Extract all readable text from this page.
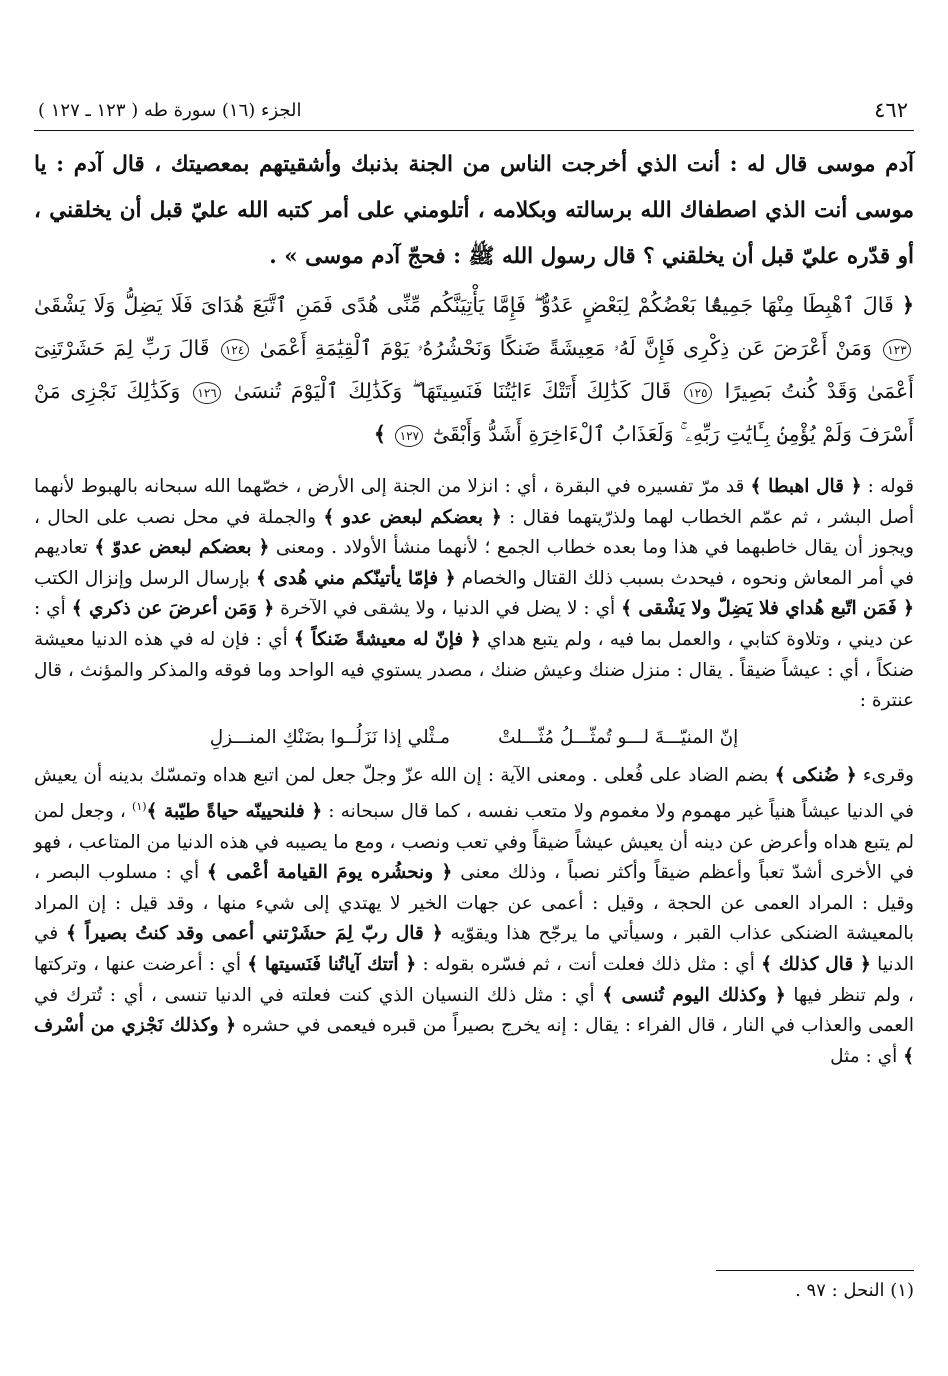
٤٦٢
الجزء (١٦) سورة طه ( ١٢٣ ـ ١٢٧ )
آدم موسى قال له : أنت الذي أخرجت الناس من الجنة بذنبك وأشقيتهم بمعصيتك ، قال آدم : يا موسى أنت الذي اصطفاك الله برسالته وبكلامه ، أتلومني على أمر كتبه الله عليّ قبل أن يخلقني ، أو قدّره عليّ قبل أن يخلقني ؟ قال رسول الله ﷺ : فحجّ آدم موسى » .
﴿ قَالَ ٱهْبِطَا مِنْهَا جَمِيعًۢا بَعْضُكُمْ لِبَعْضٍ عَدُوٌّ ۖ فَإِمَّا يَأْتِيَنَّكُم مِّنِّى هُدًى فَمَنِ ٱتَّبَعَ هُدَاىَ فَلَا يَضِلُّ وَلَا يَشْقَىٰ ١٢٣ وَمَنْ أَعْرَضَ عَن ذِكْرِى فَإِنَّ لَهُۥ مَعِيشَةً ضَنكًا وَنَحْشُرُهُۥ يَوْمَ ٱلْقِيَٰمَةِ أَعْمَىٰ ١٢٤ قَالَ رَبِّ لِمَ حَشَرْتَنِىٓ أَعْمَىٰ وَقَدْ كُنتُ بَصِيرًا ١٢٥ قَالَ كَذَٰلِكَ أَتَتْكَ ءَايَٰتُنَا فَنَسِيتَهَا ۖ وَكَذَٰلِكَ ٱلْيَوْمَ تُنسَىٰ ١٢٦ وَكَذَٰلِكَ نَجْزِى مَنْ أَسْرَفَ وَلَمْ يُؤْمِنۢ بِـَٔايَٰتِ رَبِّهِۦ ۚ وَلَعَذَابُ ٱلْءَاخِرَةِ أَشَدُّ وَأَبْقَىٰٓ ١٢٧ ﴾
قوله : ﴿ قال اهبطا ﴾ قد مرّ تفسيره في البقرة ، أي : انزلا من الجنة إلى الأرض ، خصّهما الله سبحانه بالهبوط لأنهما أصل البشر ، ثم عمّم الخطاب لهما ولذرّيتهما فقال : ﴿ بعضكم لبعض عدو ﴾ والجملة في محل نصب على الحال ، ويجوز أن يقال خاطبهما في هذا وما بعده خطاب الجمع ؛ لأنهما منشأ الأولاد . ومعنى ﴿ بعضكم لبعض عدوّ ﴾ تعاديهم في أمر المعاش ونحوه ، فيحدث بسبب ذلك القتال والخصام ﴿ فإمّا يأتينّكم مني هُدى ﴾ بإرسال الرسل وإنزال الكتب ﴿ فَمَن اتّبع هُداي فلا يَضِلّ ولا يَشْقى ﴾ أي : لا يضل في الدنيا ، ولا يشقى في الآخرة ﴿ وَمَن أعرضَ عن ذكري ﴾ أي : عن ديني ، وتلاوة كتابي ، والعمل بما فيه ، ولم يتبع هداي ﴿ فإنّ له معيشةً ضَنكاً ﴾ أي : فإن له في هذه الدنيا معيشة ضنكاً ، أي : عيشاً ضيقاً . يقال : منزل ضنك وعيش ضنك ، مصدر يستوي فيه الواحد وما فوقه والمذكر والمؤنث ، قال عنترة :
إنّ المنيّـــةَ لـــو تُمثّـــلُ مُثّـــلتْ
مـثْلي إذا نَزَلُــوا بضَنْكِ المنـــزلِ
وقرىء ﴿ ضُنكى ﴾ بضم الضاد على فُعلى . ومعنى الآية : إن الله عزّ وجلّ جعل لمن اتبع هداه وتمسّك بدينه أن يعيش في الدنيا عيشاً هنياً غير مهموم ولا مغموم ولا متعب نفسه ، كما قال سبحانه : ﴿ فلنحيينّه حياةً طيّبة ﴾$^{(١)}$ ، وجعل لمن لم يتبع هداه وأعرض عن دينه أن يعيش عيشاً ضيقاً وفي تعب ونصب ، ومع ما يصيبه في هذه الدنيا من المتاعب ، فهو في الأخرى أشدّ تعباً وأعظم ضيقاً وأكثر نصباً ، وذلك معنى ﴿ ونحشُره يومَ القيامة أعْمى ﴾ أي : مسلوب البصر ، وقيل : المراد العمى عن الحجة ، وقيل : أعمى عن جهات الخير لا يهتدي إلى شيء منها ، وقد قيل : إن المراد بالمعيشة الضنكى عذاب القبر ، وسيأتي ما يرجّح هذا ويقوّيه ﴿ قال ربّ لِمَ حشَرْتني أعمى وقد كنتُ بصيراً ﴾ في الدنيا ﴿ قال كذلك ﴾ أي : مثل ذلك فعلت أنت ، ثم فسّره بقوله : ﴿ أتتك آياتُنا فَنَسيتها ﴾ أي : أعرضت عنها ، وتركتها ، ولم تنظر فيها ﴿ وكذلك اليوم تُنسى ﴾ أي : مثل ذلك النسيان الذي كنت فعلته في الدنيا تنسى ، أي : تُترك في العمى والعذاب في النار ، قال الفراء : يقال : إنه يخرج بصيراً من قبره فيعمى في حشره ﴿ وكذلك نَجْزي من أسْرف ﴾ أي : مثل
(١) النحل : ٩٧ .
